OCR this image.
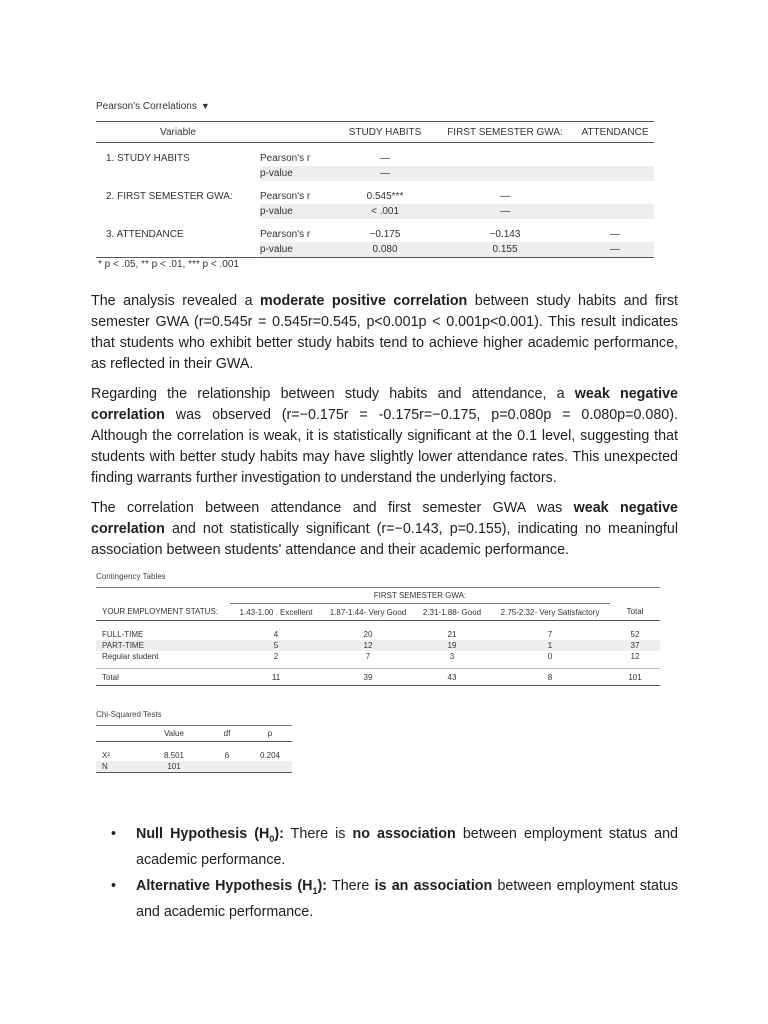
Pearson's Correlations ▼
Variable		STUDY HABITS	FIRST SEMESTER GWA:	ATTENDANCE
1. STUDY HABITS	Pearson's r	—		
	p-value	—		
2. FIRST SEMESTER GWA:	Pearson's r	0.545***	—	
	p-value	< .001	—	
3. ATTENDANCE	Pearson's r	−0.175	−0.143	—
	p-value	0.080	0.155	—
* p < .05, ** p < .01, *** p < .001

The analysis revealed a moderate positive correlation between study habits and first semester GWA (r=0.545r = 0.545r=0.545, p<0.001p < 0.001p<0.001). This result indicates that students who exhibit better study habits tend to achieve higher academic performance, as reflected in their GWA.

Regarding the relationship between study habits and attendance, a weak negative correlation was observed (r=−0.175r = -0.175r=−0.175, p=0.080p = 0.080p=0.080). Although the correlation is weak, it is statistically significant at the 0.1 level, suggesting that students with better study habits may have slightly lower attendance rates. This unexpected finding warrants further investigation to understand the underlying factors.

The correlation between attendance and first semester GWA was weak negative correlation and not statistically significant (r=−0.143, p=0.155), indicating no meaningful association between students' attendance and their academic performance.

Contingency Tables
	FIRST SEMESTER GWA:				
YOUR EMPLOYMENT STATUS:	1.43-1.00 . Excellent	1.87-1.44- Very Good	2.31-1.88- Good	2.75-2.32- Very Satisfactory	Total
FULL-TIME	4	20	21	7	52
PART-TIME	5	12	19	1	37
Regular student	2	7	3	0	12

Total	11	39	43	8	101
Chi-Squared Tests
	Value	df	p
X²	8.501	6	0.204
N	101		
• Null Hypothesis $(H_0)$: There is no association between employment status and academic performance.
• Alternative Hypothesis $(H_1)$: There is an association between employment status and academic performance.
